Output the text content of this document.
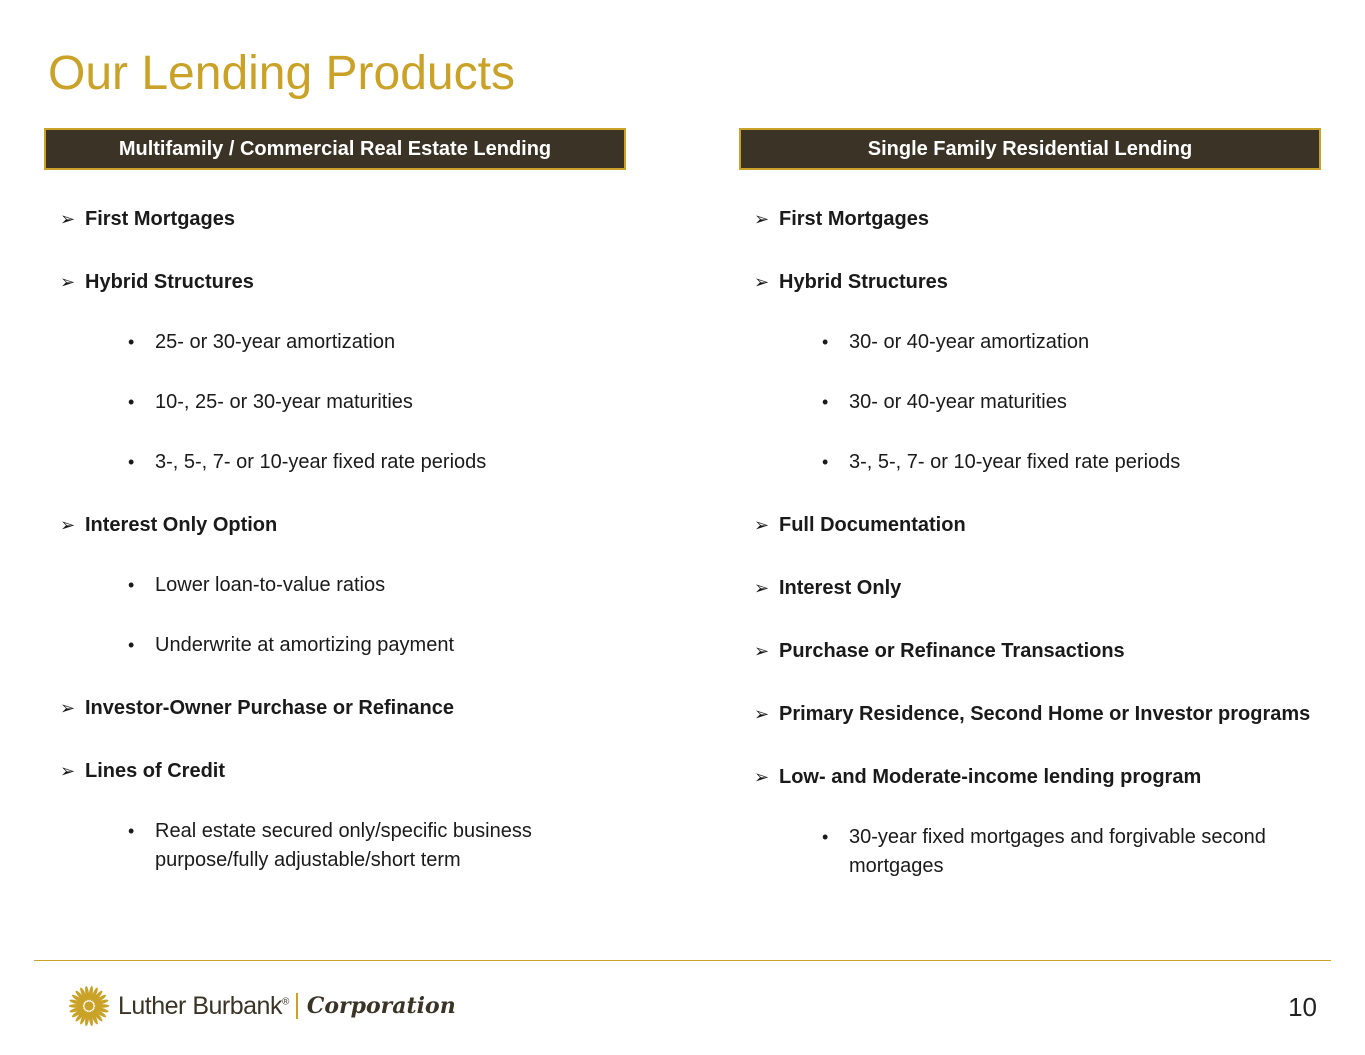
Our Lending Products
Multifamily / Commercial Real Estate Lending	Single Family Residential Lending
➢ First Mortgages
➢ Hybrid Structures
• 25- or 30-year amortization
• 10-, 25- or 30-year maturities
• 3-, 5-, 7- or 10-year fixed rate periods
➢ Interest Only Option
• Lower loan-to-value ratios
• Underwrite at amortizing payment
➢ Investor-Owner Purchase or Refinance
➢ Lines of Credit
• Real estate secured only/specific business purpose/fully adjustable/short term
➢ First Mortgages
➢ Hybrid Structures
• 30- or 40-year amortization
• 30- or 40-year maturities
• 3-, 5-, 7- or 10-year fixed rate periods
➢ Full Documentation
➢ Interest Only
➢ Purchase or Refinance Transactions
➢ Primary Residence, Second Home or Investor programs
➢ Low- and Moderate-income lending program
• 30-year fixed mortgages and forgivable second mortgages
Luther Burbank® Corporation	10
